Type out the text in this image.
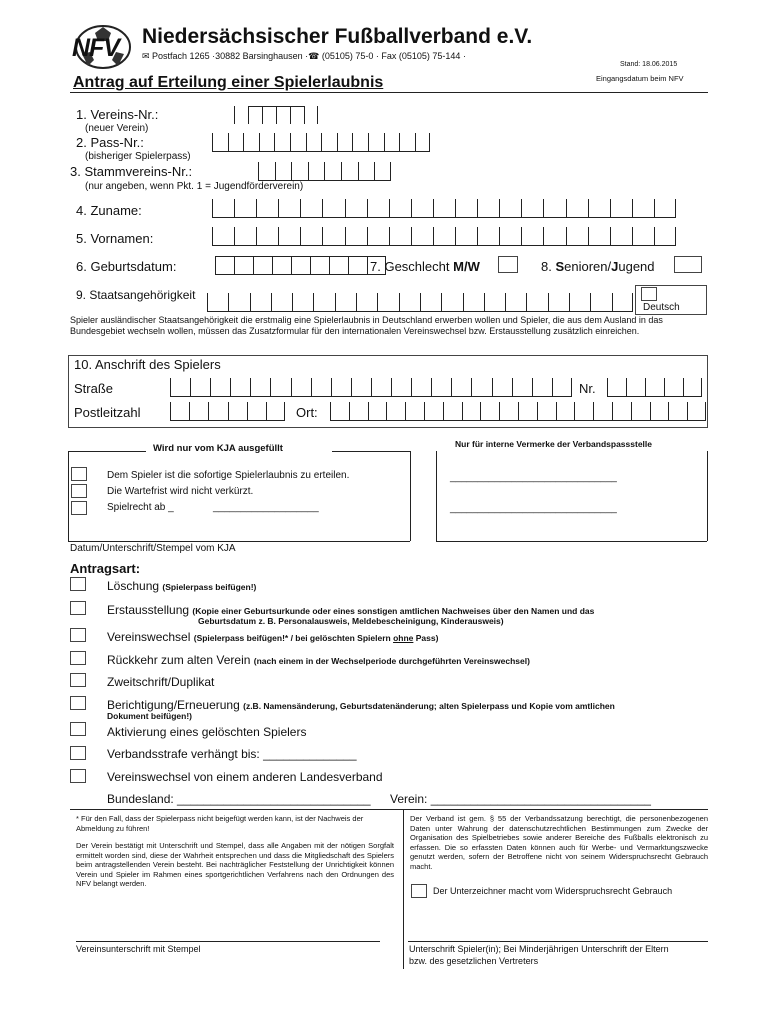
NFV Niedersächsischer Fußballverband e.V.
✉ Postfach 1265 ·30882 Barsinghausen ·☎ (05105) 75-0 · Fax (05105) 75-144 ·
Stand: 18.06.2015
Eingangsdatum beim NFV
Antrag auf Erteilung einer Spielerlaubnis
1. Vereins-Nr.:
(neuer Verein)
2. Pass-Nr.:
(bisheriger Spielerpass)
3. Stammvereins-Nr.:
(nur angeben, wenn Pkt. 1 = Jugendförderverein)
4. Zuname:
5. Vornamen:
6. Geburtsdatum:	7. Geschlecht M/W	8. Senioren/Jugend
9. Staatsangehörigkeit
Deutsch
Spieler ausländischer Staatsangehörigkeit die erstmalig eine Spielerlaubnis in Deutschland erwerben wollen und Spieler, die aus dem Ausland in das Bundesgebiet wechseln wollen, müssen das Zusatzformular für den internationalen Vereinswechsel bzw. Erstausstellung zusätzlich einreichen.
10. Anschrift des Spielers
Straße	Nr.
Postleitzahl	Ort:
Wird nur vom KJA ausgefüllt	Nur für interne Vermerke der Verbandspassstelle
Dem Spieler ist die sofortige Spielerlaubnis zu erteilen.
Die Wartefrist wird nicht verkürzt.
Spielrecht ab _	___________________
______________________________
______________________________
Datum/Unterschrift/Stempel vom KJA
Antragsart:
Löschung (Spielerpass beifügen!)
Erstausstellung (Kopie einer Geburtsurkunde oder eines sonstigen amtlichen Nachweises über den Namen und das
Geburtsdatum z. B. Personalausweis, Meldebescheinigung, Kinderausweis)
Vereinswechsel (Spielerpass beifügen!* / bei gelöschten Spielern ohne Pass)
Rückkehr zum alten Verein (nach einem in der Wechselperiode durchgeführten Vereinswechsel)
Zweitschrift/Duplikat
Berichtigung/Erneuerung (z.B. Namensänderung, Geburtsdatenänderung; alten Spielerpass und Kopie vom amtlichen
Dokument beifügen!)
Aktivierung eines gelöschten Spielers
Verbandsstrafe verhängt bis: ______________
Vereinswechsel von einem anderen Landesverband
Bundesland: _____________________________ Verein: _________________________________
* Für den Fall, dass der Spielerpass nicht beigefügt werden kann, ist der Nachweis der Abmeldung zu führen!
Der Verein bestätigt mit Unterschrift und Stempel, dass alle Angaben mit der nötigen Sorgfalt ermittelt worden sind, diese der Wahrheit entsprechen und dass die Mitgliedschaft des Spielers beim antragstellenden Verein besteht. Bei nachträglicher Feststellung der Unrichtigkeit können Verein und Spieler im Rahmen eines sportgerichtlichen Verfahrens nach den Ordnungen des NFV belangt werden.
Der Verband ist gem. § 55 der Verbandssatzung berechtigt, die personenbezogenen Daten unter Wahrung der datenschutzrechtlichen Bestimmungen zum Zwecke der Organisation des Spielbetriebes sowie anderer Bereiche des Fußballs elektronisch zu erfassen. Die so erfassten Daten können auch für Werbe- und Vermarktungszwecke genutzt werden, sofern der Betroffene nicht von seinem Widerspruchsrecht Gebrauch macht.
Der Unterzeichner macht vom Widerspruchsrecht Gebrauch
Vereinsunterschrift mit Stempel	Unterschrift Spieler(in); Bei Minderjährigen Unterschrift der Eltern
bzw. des gesetzlichen Vertreters
